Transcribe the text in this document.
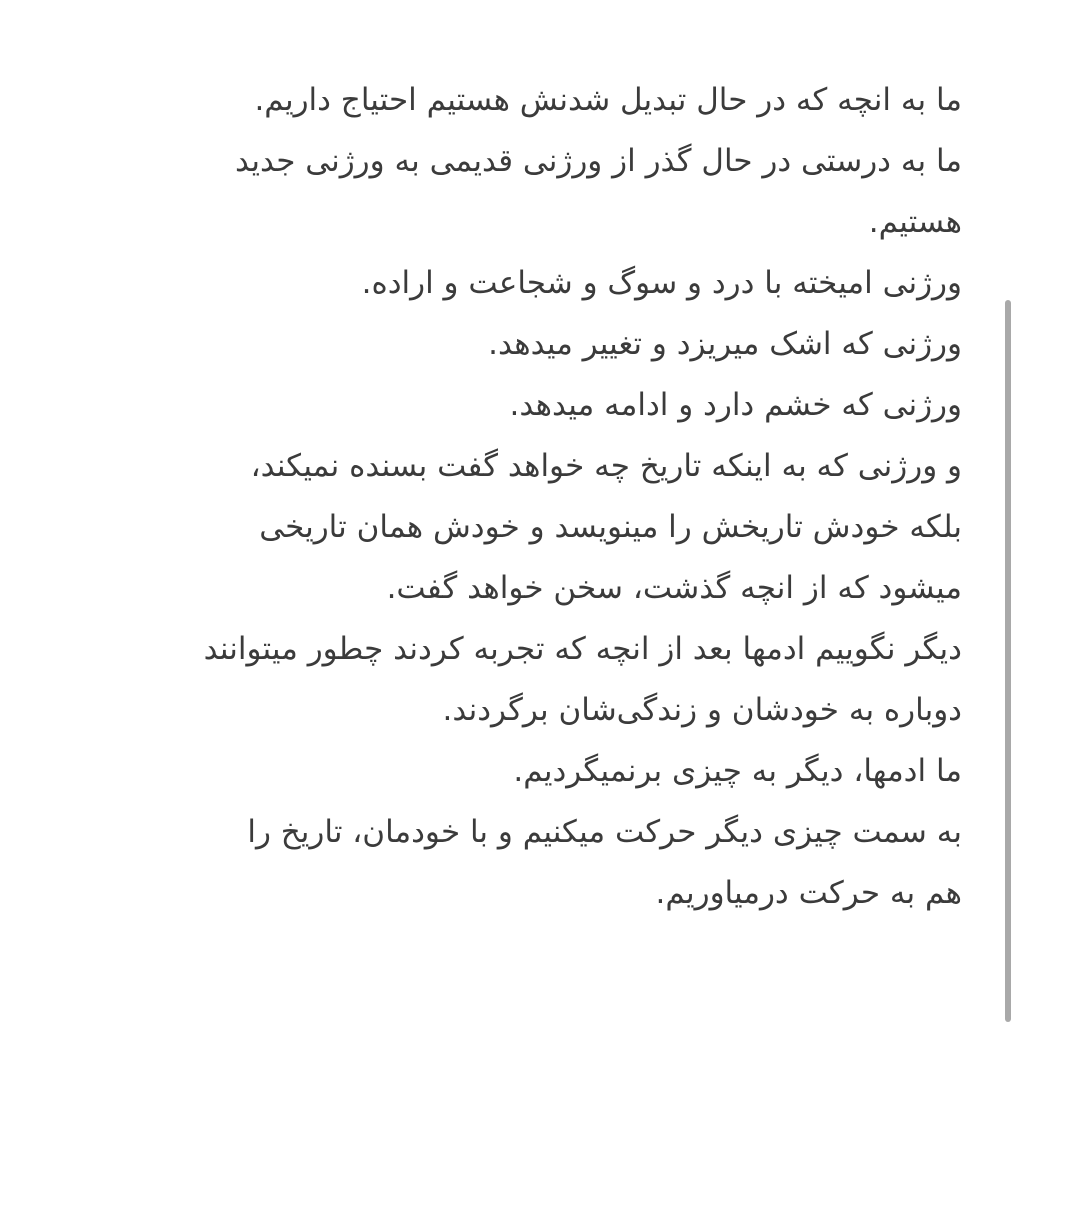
ما به انچه که در حال تبدیل شدنش هستیم احتیاج داریم.

ما به درستی در حال گذر از ورژنی قدیمی به ورژنی جدید هستیم.

ورژنی امیخته با درد و سوگ و شجاعت و اراده.

ورژنی که اشک میریزد و تغییر میدهد.

ورژنی که خشم دارد و ادامه میدهد.

و ورژنی که به اینکه تاریخ چه خواهد گفت بسنده نمیکند، بلکه خودش تاریخش را مینویسد و خودش همان تاریخی میشود که از انچه گذشت، سخن خواهد گفت.

دیگر نگوییم ادمها بعد از انچه که تجربه کردند چطور میتوانند دوباره به خودشان و زندگی‌شان برگردند.

ما ادمها، دیگر به چیزی برنمیگردیم.

به سمت چیزی دیگر حرکت میکنیم و با خودمان، تاریخ را هم به حرکت درمیاوریم.
